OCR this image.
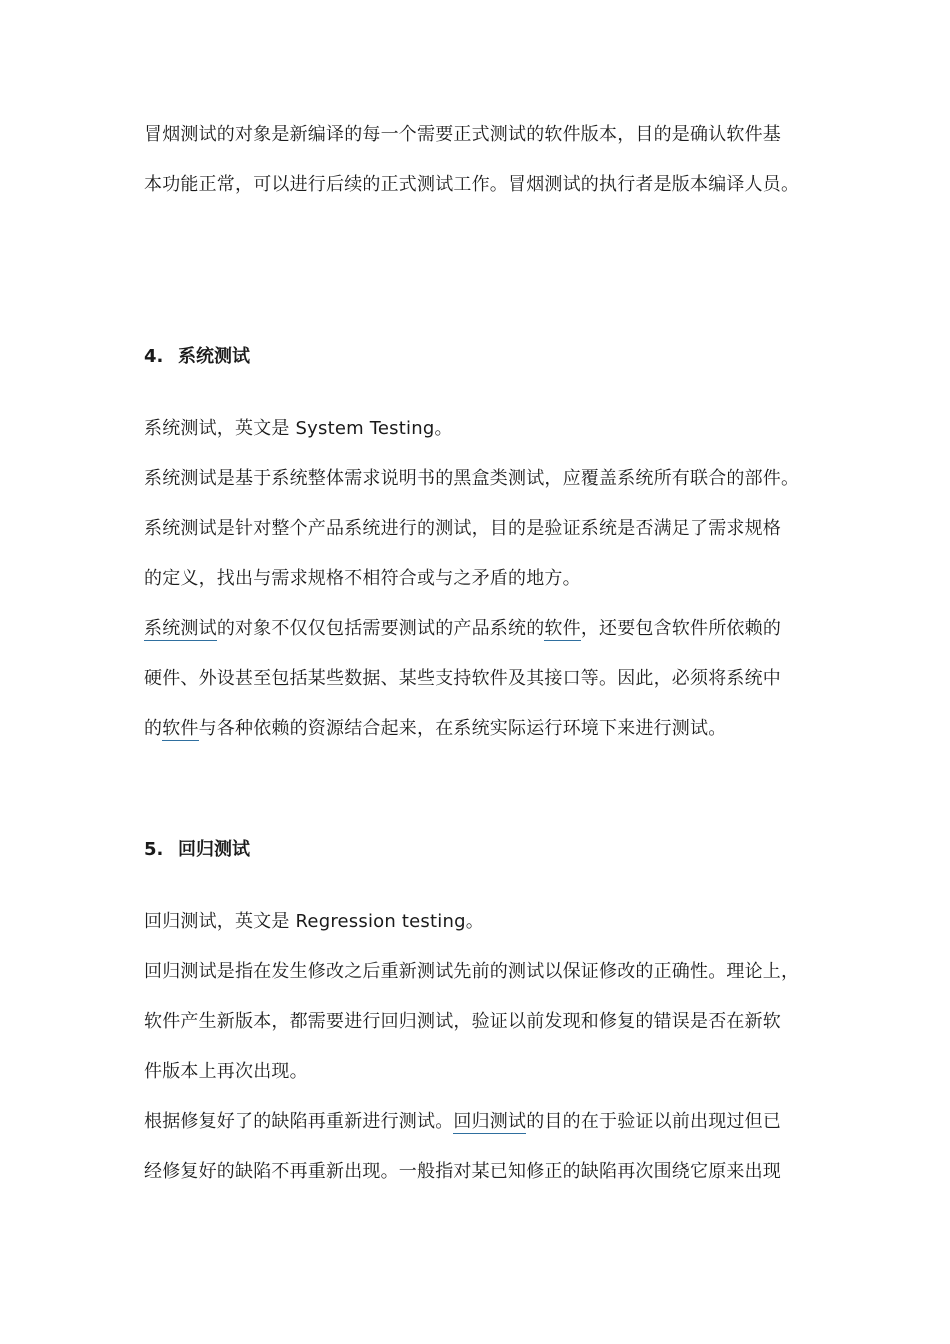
冒烟测试的对象是新编译的每一个需要正式测试的软件版本，目的是确认软件基
本功能正常，可以进行后续的正式测试工作。冒烟测试的执行者是版本编译人员。
4. 系统测试
系统测试，英文是 System Testing。
系统测试是基于系统整体需求说明书的黑盒类测试，应覆盖系统所有联合的部件。
系统测试是针对整个产品系统进行的测试，目的是验证系统是否满足了需求规格
的定义，找出与需求规格不相符合或与之矛盾的地方。
系统测试的对象不仅仅包括需要测试的产品系统的软件，还要包含软件所依赖的
硬件、外设甚至包括某些数据、某些支持软件及其接口等。因此，必须将系统中
的软件与各种依赖的资源结合起来，在系统实际运行环境下来进行测试。
5. 回归测试
回归测试，英文是 Regression testing。
回归测试是指在发生修改之后重新测试先前的测试以保证修改的正确性。理论上，
软件产生新版本，都需要进行回归测试，验证以前发现和修复的错误是否在新软
件版本上再次出现。
根据修复好了的缺陷再重新进行测试。回归测试的目的在于验证以前出现过但已
经修复好的缺陷不再重新出现。一般指对某已知修正的缺陷再次围绕它原来出现
